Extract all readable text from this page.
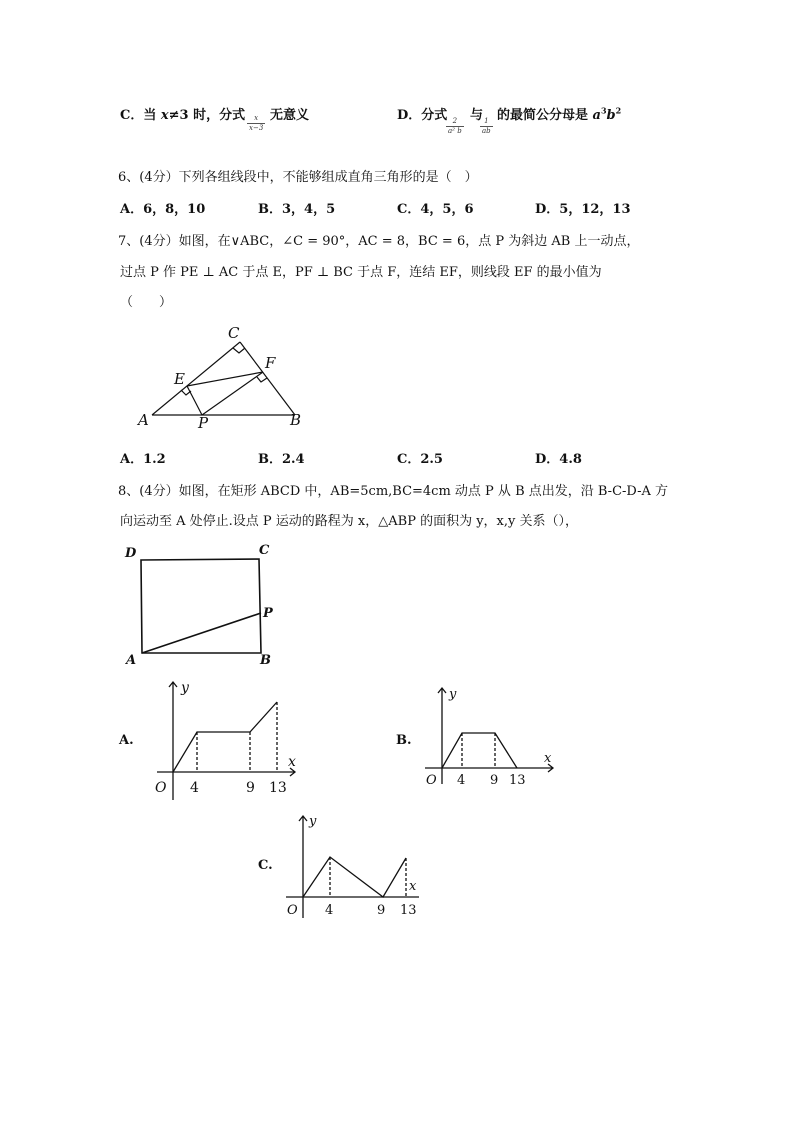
C．当 x≠3 时，分式 $\frac{x}{x-3}$ 无意义	D．分式
$\frac{2}{\text{a² b}}$
与
$\frac{1}{ab}$
的最简公分母是 $a^3b^2$
6、(4分）下列各组线段中，不能够组成直角三角形的是（　）
A．6，8，10	B．3，4，5	C．4，5，6	D．5，12，13
7、(4分）如图，在∨ABC，∠C = 90°，AC = 8，BC = 6，点 P 为斜边 AB 上一动点，
过点 P 作 PE ⊥ AC 于点 E，PF ⊥ BC 于点 F，连结 EF，则线段 EF 的最小值为
（　　）
A	B
C
E
F
P
A．1.2	B．2.4	C．2.5	D．4.8
8、(4分）如图，在矩形 ABCD 中，AB=5cm,BC=4cm 动点 P 从 B 点出发，沿 B-C-D-A 方
向运动至 A 处停止.设点 P 运动的路程为 x，△ABP 的面积为 y，x,y 关系（），
D	C
A	B
P
A.
O 4	9 13
x
y
B.
O 4 9 13
x
y
C.
O 4	9 13
x
y
